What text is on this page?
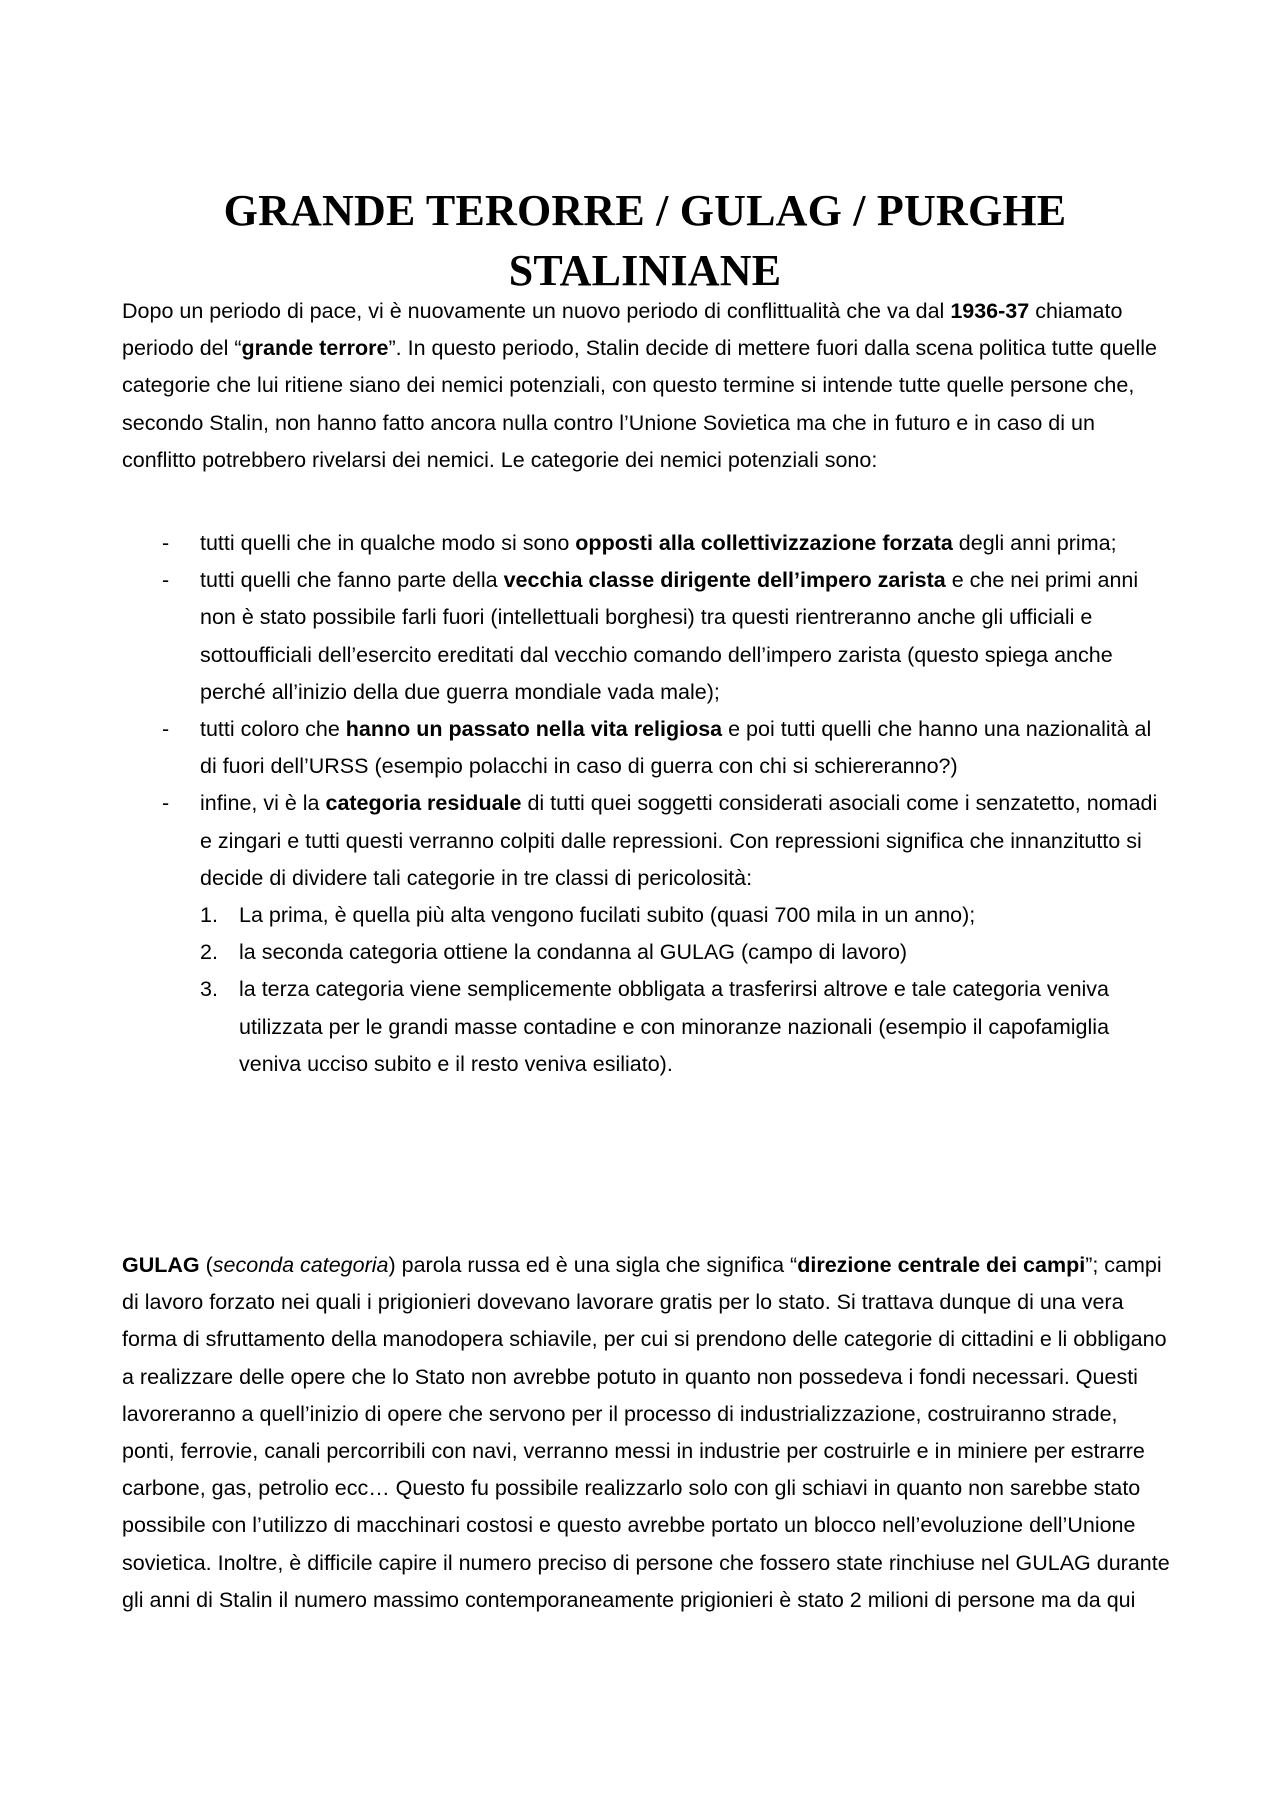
GRANDE TERORRE / GULAG / PURGHE STALINIANE

Dopo un periodo di pace, vi è nuovamente un nuovo periodo di conflittualità che va dal 1936-37 chiamato periodo del “grande terrore”. In questo periodo, Stalin decide di mettere fuori dalla scena politica tutte quelle categorie che lui ritiene siano dei nemici potenziali, con questo termine si intende tutte quelle persone che, secondo Stalin, non hanno fatto ancora nulla contro l’Unione Sovietica ma che in futuro e in caso di un conflitto potrebbero rivelarsi dei nemici. Le categorie dei nemici potenziali sono:

- tutti quelli che in qualche modo si sono opposti alla collettivizzazione forzata degli anni prima;
- tutti quelli che fanno parte della vecchia classe dirigente dell’impero zarista e che nei primi anni non è stato possibile farli fuori (intellettuali borghesi) tra questi rientreranno anche gli ufficiali e sottoufficiali dell’esercito ereditati dal vecchio comando dell’impero zarista (questo spiega anche perché all’inizio della due guerra mondiale vada male);
- tutti coloro che hanno un passato nella vita religiosa e poi tutti quelli che hanno una nazionalità al di fuori dell’URSS (esempio polacchi in caso di guerra con chi si schiereranno?)
- infine, vi è la categoria residuale di tutti quei soggetti considerati asociali come i senzatetto, nomadi e zingari e tutti questi verranno colpiti dalle repressioni. Con repressioni significa che innanzitutto si decide di dividere tali categorie in tre classi di pericolosità:
1. La prima, è quella più alta vengono fucilati subito (quasi 700 mila in un anno);
2. la seconda categoria ottiene la condanna al GULAG (campo di lavoro)
3. la terza categoria viene semplicemente obbligata a trasferirsi altrove e tale categoria veniva utilizzata per le grandi masse contadine e con minoranze nazionali (esempio il capofamiglia veniva ucciso subito e il resto veniva esiliato).

GULAG (seconda categoria) parola russa ed è una sigla che significa “direzione centrale dei campi”; campi di lavoro forzato nei quali i prigionieri dovevano lavorare gratis per lo stato. Si trattava dunque di una vera forma di sfruttamento della manodopera schiavile, per cui si prendono delle categorie di cittadini e li obbligano a realizzare delle opere che lo Stato non avrebbe potuto in quanto non possedeva i fondi necessari. Questi lavoreranno a quell’inizio di opere che servono per il processo di industrializzazione, costruiranno strade, ponti, ferrovie, canali percorribili con navi, verranno messi in industrie per costruirle e in miniere per estrarre carbone, gas, petrolio ecc… Questo fu possibile realizzarlo solo con gli schiavi in quanto non sarebbe stato possibile con l’utilizzo di macchinari costosi e questo avrebbe portato un blocco nell’evoluzione dell’Unione sovietica. Inoltre, è difficile capire il numero preciso di persone che fossero state rinchiuse nel GULAG durante gli anni di Stalin il numero massimo contemporaneamente prigionieri è stato 2 milioni di persone ma da qui
